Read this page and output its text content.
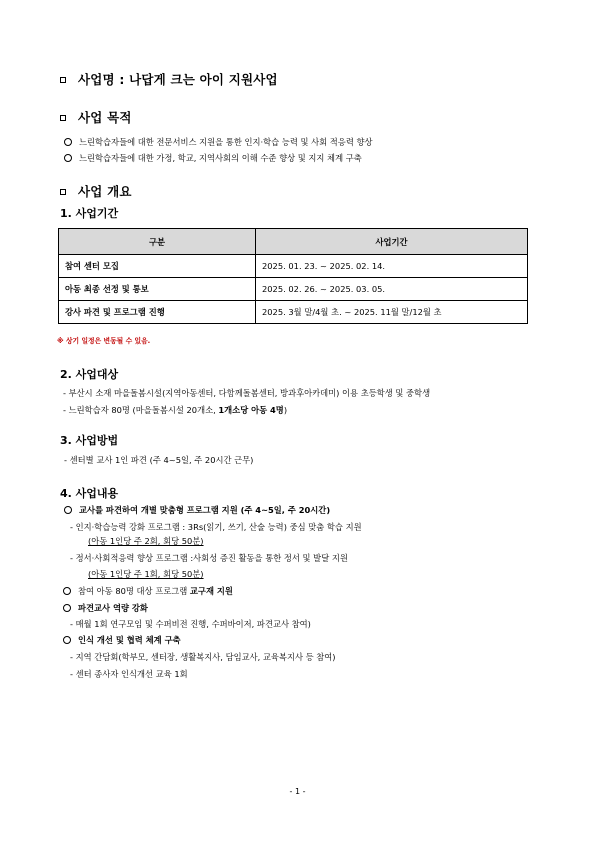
사업명 : 나답게 크는 아이 지원사업
사업 목적
느린학습자들에 대한 전문서비스 지원을 통한 인지·학습 능력 및 사회 적응력 향상
느린학습자들에 대한 가정, 학교, 지역사회의 이해 수준 향상 및 지지 체계 구축
사업 개요
1. 사업기간
구분	사업기간
참여 센터 모집	2025. 01. 23. ~ 2025. 02. 14.
아동 최종 선정 및 통보	2025. 02. 26. ~ 2025. 03. 05.
강사 파견 및 프로그램 진행	2025. 3월 말/4월 초. ~ 2025. 11월 말/12월 초
※ 상기 일정은 변동될 수 있음.
2. 사업대상
- 부산시 소재 마을돌봄시설(지역아동센터, 다함께돌봄센터, 방과후아카데미) 이용 초등학생 및 중학생
- 느린학습자 80명 (마을돌봄시설 20개소, 1개소당 아동 4명)
3. 사업방법
- 센터별 교사 1인 파견 (주 4~5일, 주 20시간 근무)
4. 사업내용
교사를 파견하여 개별 맞춤형 프로그램 지원 (주 4~5일, 주 20시간)
- 인지·학습능력 강화 프로그램 : 3Rs(읽기, 쓰기, 산술 능력) 중심 맞춤 학습 지원
(아동 1인당 주 2회, 회당 50분)
- 정서·사회적응력 향상 프로그램 :사회성 증진 활동을 통한 정서 및 발달 지원
(아동 1인당 주 1회, 회당 50분)
참여 아동 80명 대상 프로그램 교구재 지원
파견교사 역량 강화
- 매월 1회 연구모임 및 수퍼비전 진행, 수퍼바이저, 파견교사 참여)
인식 개선 및 협력 체계 구축
- 지역 간담회(학부모, 센터장, 생활복지사, 담임교사, 교육복지사 등 참여)
- 센터 종사자 인식개선 교육 1회
- 1 -
